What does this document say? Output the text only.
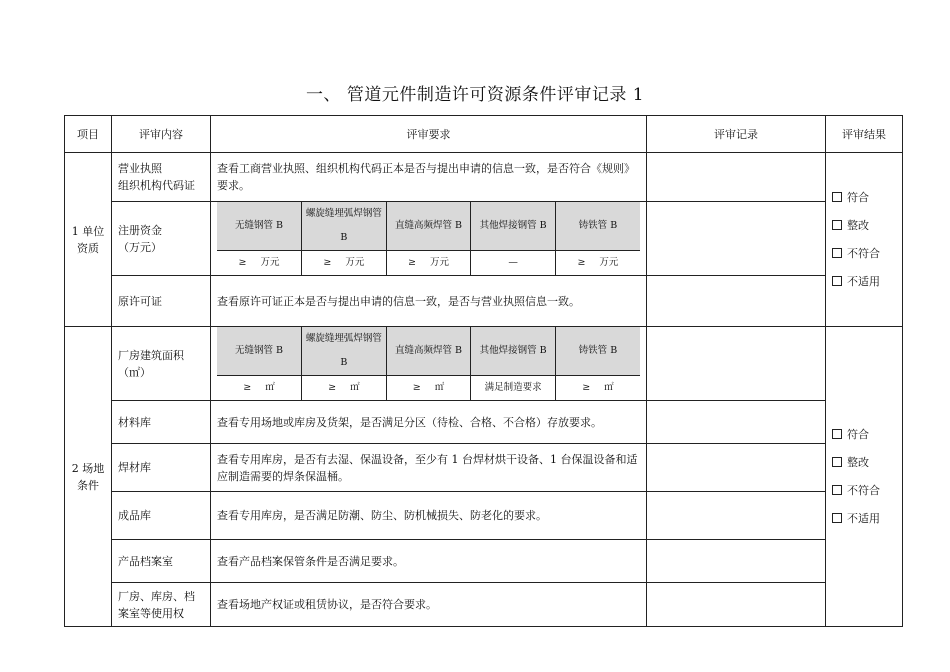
一、 管道元件制造许可资源条件评审记录 1
项目	评审内容	评审要求	评审记录	评审结果
1 单位
资质	营业执照
组织机构代码证	查看工商营业执照、组织机构代码正本是否与提出申请的信息一致，是否符合《规则》要求。		
符合
整改
不符合
不适用

注册资金
（万元）	
无缝钢管 B	螺旋缝埋弧焊钢管 B	直缝高频焊管 B	其他焊接钢管 B	铸铁管 B
≥ 万元	≥ 万元	≥ 万元	—	≥ 万元

原许可证	查看原许可证正本是否与提出申请的信息一致，是否与营业执照信息一致。	
2 场地
条件	厂房建筑面积
（㎡）	
无缝钢管 B	螺旋缝埋弧焊钢管 B	直缝高频焊管 B	其他焊接钢管 B	铸铁管 B
≥ ㎡	≥ ㎡	≥ ㎡	满足制造要求	≥ ㎡

符合
整改
不符合
不适用

材料库	查看专用场地或库房及货架，是否满足分区（待检、合格、不合格）存放要求。	
焊材库	查看专用库房，是否有去湿、保温设备，至少有 1 台焊材烘干设备、1 台保温设备和适应制造需要的焊条保温桶。	
成品库	查看专用库房，是否满足防潮、防尘、防机械损失、防老化的要求。	
产品档案室	查看产品档案保管条件是否满足要求。	
厂房、库房、档案室等使用权	查看场地产权证或租赁协议，是否符合要求。	
